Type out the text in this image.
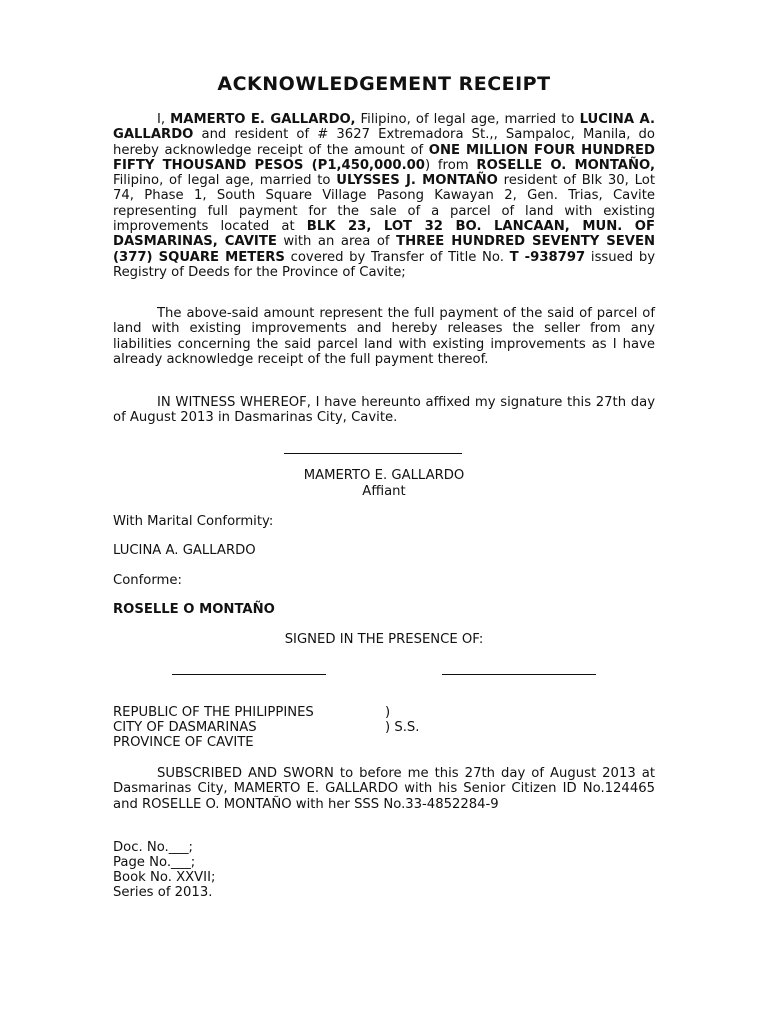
ACKNOWLEDGEMENT RECEIPT

I, MAMERTO E. GALLARDO, Filipino, of legal age, married to LUCINA A. GALLARDO and resident of # 3627 Extremadora St.,, Sampaloc, Manila, do hereby acknowledge receipt of the amount of ONE MILLION FOUR HUNDRED FIFTY THOUSAND PESOS (P1,450,000.00) from ROSELLE O. MONTAÑO, Filipino, of legal age, married to ULYSSES J. MONTAÑO resident of Blk 30, Lot 74, Phase 1, South Square Village Pasong Kawayan 2, Gen. Trias, Cavite representing full payment for the sale of a parcel of land with existing improvements located at BLK 23, LOT 32 BO. LANCAAN, MUN. OF DASMARINAS, CAVITE with an area of THREE HUNDRED SEVENTY SEVEN (377) SQUARE METERS covered by Transfer of Title No. T -938797 issued by Registry of Deeds for the Province of Cavite;

The above-said amount represent the full payment of the said of parcel of land with existing improvements and hereby releases the seller from any liabilities concerning the said parcel land with existing improvements as I have already acknowledge receipt of the full payment thereof.

IN WITNESS WHEREOF, I have hereunto affixed my signature this 27th day of August 2013 in Dasmarinas City, Cavite.

MAMERTO E. GALLARDO
Affiant
With Marital Conformity:
LUCINA A. GALLARDO
Conforme:
ROSELLE O MONTAÑO
SIGNED IN THE PRESENCE OF:
REPUBLIC OF THE PHILIPPINES	)
CITY OF DASMARINAS	) S.S.
PROVINCE OF CAVITE

SUBSCRIBED AND SWORN to before me this 27th day of August 2013 at Dasmarinas City, MAMERTO E. GALLARDO with his Senior Citizen ID No.124465 and ROSELLE O. MONTAÑO with her SSS No.33-4852284-9

Doc. No.___;
Page No.___;
Book No. XXVII;
Series of 2013.
